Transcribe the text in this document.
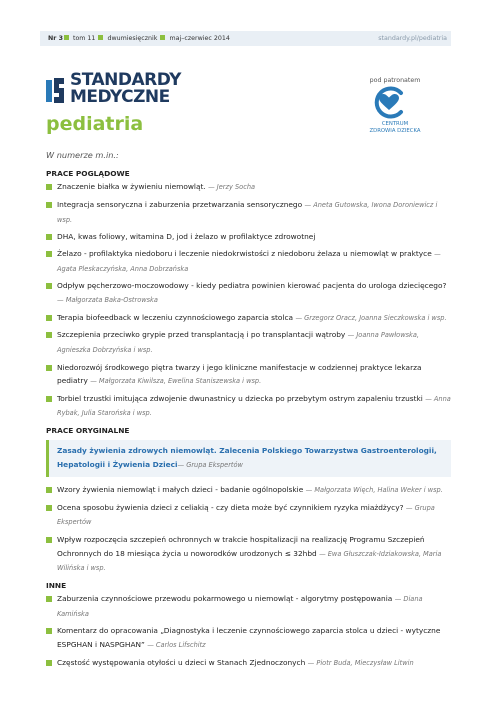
Nr 3 tom 11 dwumiesięcznik maj–czerwiec 2014	standardy.pl/pediatria
STANDARDY
MEDYCZNE
pediatria
pod patronatem
CENTRUM
ZDROWIA DZIECKA
W numerze m.in.:
PRACE POGLĄDOWE
Znaczenie białka w żywieniu niemowląt. — Jerzy Socha
Integracja sensoryczna i zaburzenia przetwarzania sensorycznego — Aneta Gutowska, Iwona Doroniewicz i wsp.
DHA, kwas foliowy, witamina D, jod i żelazo w profilaktyce zdrowotnej
Żelazo - profilaktyka niedoboru i leczenie niedokrwistości z niedoboru żelaza u niemowląt w praktyce — Agata Pleskaczyńska, Anna Dobrzańska
Odpływ pęcherzowo-moczowodowy - kiedy pediatra powinien kierować pacjenta do urologa dziecięcego? — Małgorzata Baka-Ostrowska
Terapia biofeedback w leczeniu czynnościowego zaparcia stolca — Grzegorz Oracz, Joanna Sieczkowska i wsp.
Szczepienia przeciwko grypie przed transplantacją i po transplantacji wątroby — Joanna Pawłowska, Agnieszka Dobrzyńska i wsp.
Niedorozwój środkowego piętra twarzy i jego kliniczne manifestacje w codziennej praktyce lekarza pediatry — Małgorzata Kiwilsza, Ewelina Staniszewska i wsp.
Torbiel trzustki imitująca zdwojenie dwunastnicy u dziecka po przebytym ostrym zapaleniu trzustki — Anna Rybak, Julia Starońska i wsp.
PRACE ORYGINALNE
Zasady żywienia zdrowych niemowląt. Zalecenia Polskiego Towarzystwa Gastroenterologii, Hepatologii i Żywienia Dzieci— Grupa Ekspertów
Wzory żywienia niemowląt i małych dzieci - badanie ogólnopolskie — Małgorzata Więch, Halina Weker i wsp.
Ocena sposobu żywienia dzieci z celiakią - czy dieta może być czynnikiem ryzyka miażdżycy? — Grupa Ekspertów
Wpływ rozpoczęcia szczepień ochronnych w trakcie hospitalizacji na realizację Programu Szczepień Ochronnych do 18 miesiąca życia u noworodków urodzonych ≤ 32hbd — Ewa Głuszczak-Idziakowska, Maria Wilińska i wsp.
INNE
Zaburzenia czynnościowe przewodu pokarmowego u niemowląt - algorytmy postępowania — Diana Kamińska
Komentarz do opracowania „Diagnostyka i leczenie czynnościowego zaparcia stolca u dzieci - wytyczne ESPGHAN i NASPGHAN” — Carlos Lifschitz
Częstość występowania otyłości u dzieci w Stanach Zjednoczonych — Piotr Buda, Mieczysław Litwin
